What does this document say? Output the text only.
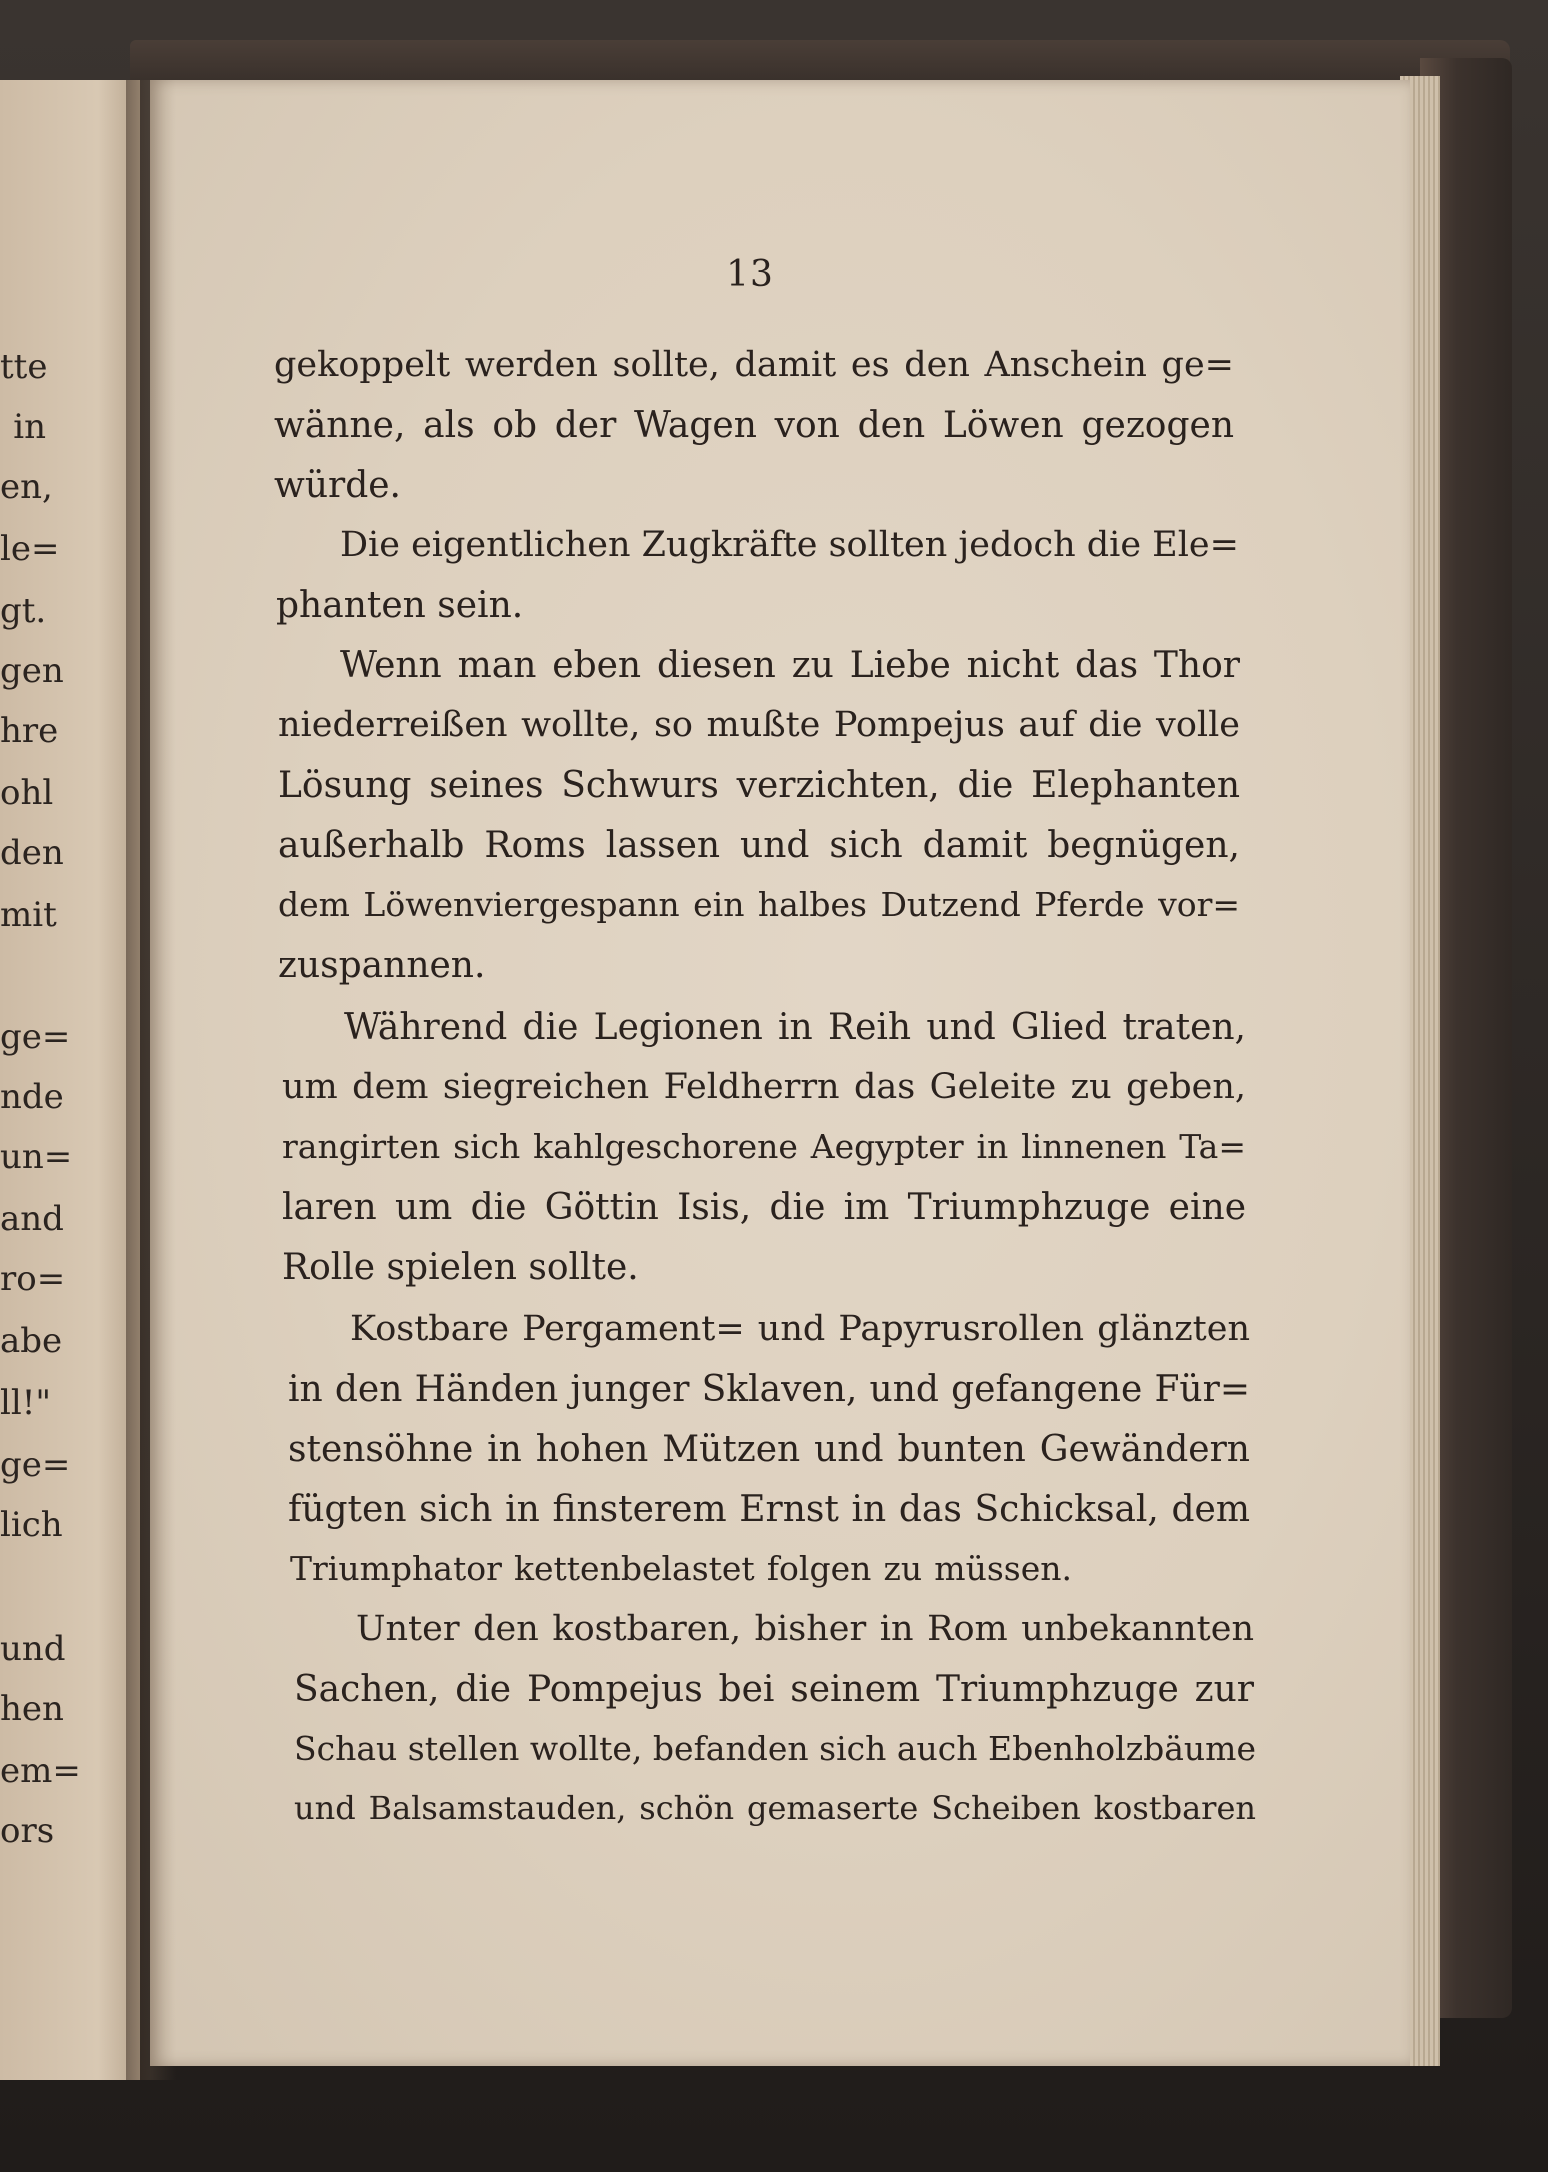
tte
in
en,
le=
gt.
gen
hre
ohl
den
mit
ge=
nde
un=
and
ro=
abe
ll!"
ge=
lich
und
hen
em=
ors
13
gekoppelt werden sollte, damit es den Anschein ge=
wänne, als ob der Wagen von den Löwen gezogen
würde.
Die eigentlichen Zugkräfte sollten jedoch die Ele=
phanten sein.
Wenn man eben diesen zu Liebe nicht das Thor
niederreißen wollte, so mußte Pompejus auf die volle
Lösung seines Schwurs verzichten, die Elephanten
außerhalb Roms lassen und sich damit begnügen,
dem Löwenviergespann ein halbes Dutzend Pferde vor=
zuspannen.
Während die Legionen in Reih und Glied traten,
um dem siegreichen Feldherrn das Geleite zu geben,
rangirten sich kahlgeschorene Aegypter in linnenen Ta=
laren um die Göttin Isis, die im Triumphzuge eine
Rolle spielen sollte.
Kostbare Pergament= und Papyrusrollen glänzten
in den Händen junger Sklaven, und gefangene Für=
stensöhne in hohen Mützen und bunten Gewändern
fügten sich in finsterem Ernst in das Schicksal, dem
Triumphator kettenbelastet folgen zu müssen.
Unter den kostbaren, bisher in Rom unbekannten
Sachen, die Pompejus bei seinem Triumphzuge zur
Schau stellen wollte, befanden sich auch Ebenholzbäume
und Balsamstauden, schön gemaserte Scheiben kostbaren
